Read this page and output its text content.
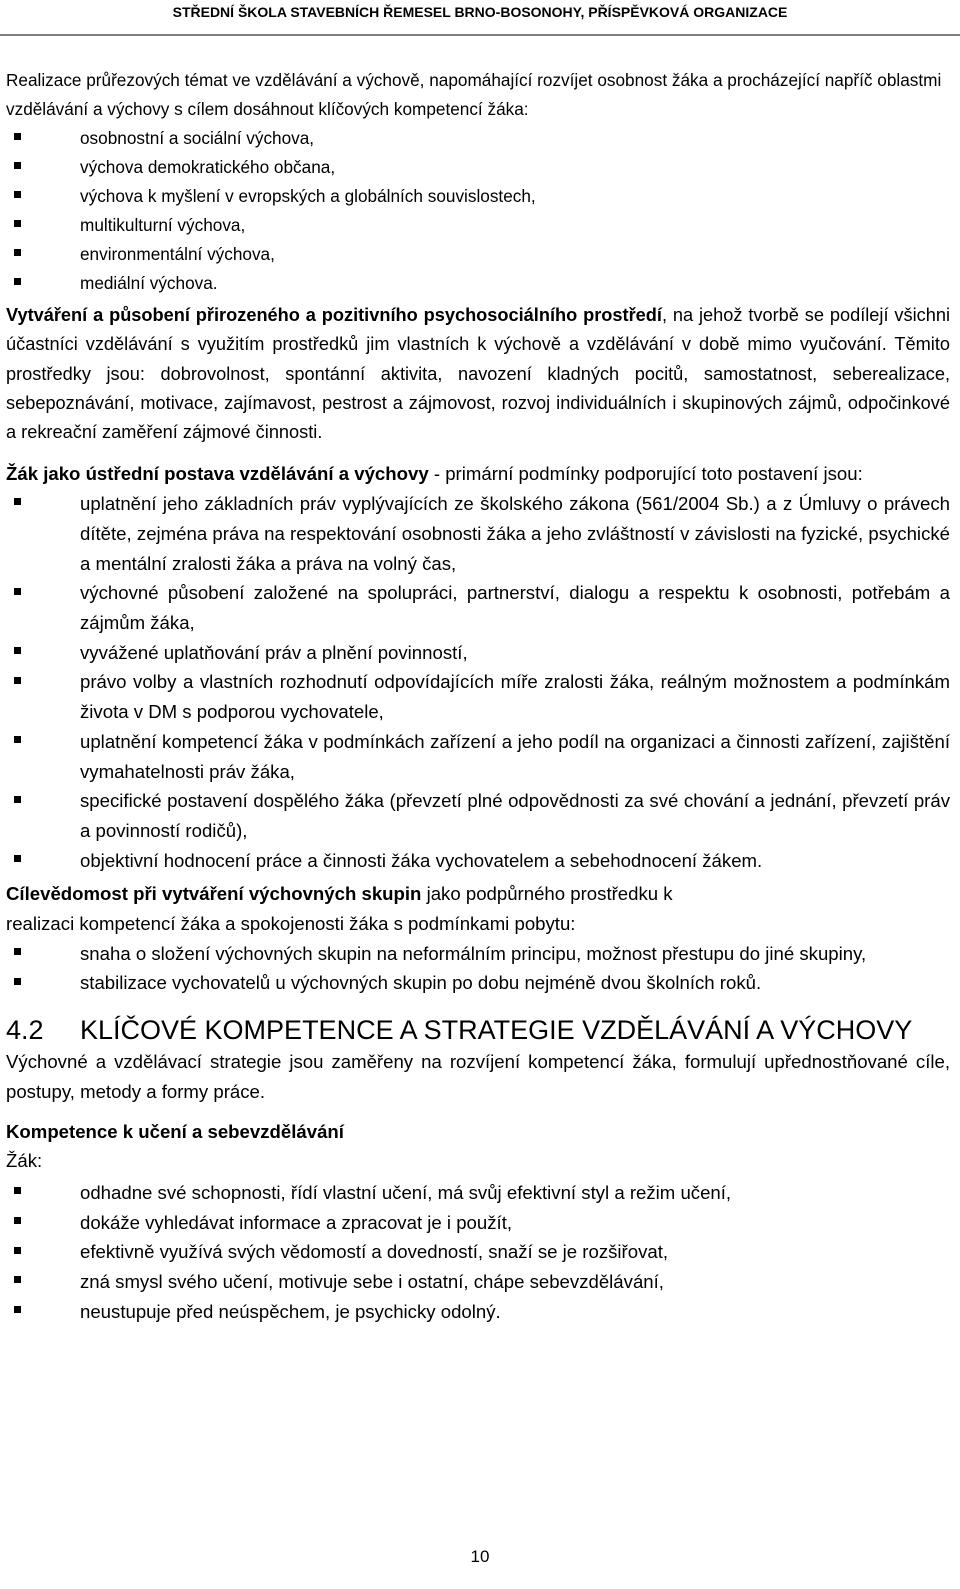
STŘEDNÍ ŠKOLA STAVEBNÍCH ŘEMESEL BRNO-BOSONOHY, PŘÍSPĚVKOVÁ ORGANIZACE

Realizace průřezových témat ve vzdělávání a výchově, napomáhající rozvíjet osobnost žáka a procházející napříč oblastmi vzdělávání a výchovy s cílem dosáhnout klíčových kompetencí žáka:

osobnostní a sociální výchova,
výchova demokratického občana,
výchova k myšlení v evropských a globálních souvislostech,
multikulturní výchova,
environmentální výchova,
mediální výchova.

Vytváření a působení přirozeného a pozitivního psychosociálního prostředí, na jehož tvorbě se podílejí všichni účastníci vzdělávání s využitím prostředků jim vlastních k výchově a vzdělávání v době mimo vyučování. Těmito prostředky jsou: dobrovolnost, spontánní aktivita, navození kladných pocitů, samostatnost, seberealizace, sebepoznávání, motivace, zajímavost, pestrost a zájmovost, rozvoj individuálních i skupinových zájmů, odpočinkové a rekreační zaměření zájmové činnosti.

Žák jako ústřední postava vzdělávání a výchovy - primární podmínky podporující toto postavení jsou:

uplatnění jeho základních práv vyplývajících ze školského zákona (561/2004 Sb.) a z Úmluvy o právech dítěte, zejména práva na respektování osobnosti žáka a jeho zvláštností v závislosti na fyzické, psychické a mentální zralosti žáka a práva na volný čas,
výchovné působení založené na spolupráci, partnerství, dialogu a respektu k osobnosti, potřebám a zájmům žáka,
vyvážené uplatňování práv a plnění povinností,
právo volby a vlastních rozhodnutí odpovídajících míře zralosti žáka, reálným možnostem a podmínkám života v DM s podporou vychovatele,
uplatnění kompetencí žáka v podmínkách zařízení a jeho podíl na organizaci a činnosti zařízení, zajištění vymahatelnosti práv žáka,
specifické postavení dospělého žáka (převzetí plné odpovědnosti za své chování a jednání, převzetí práv a povinností rodičů),
objektivní hodnocení práce a činnosti žáka vychovatelem a sebehodnocení žákem.

Cílevědomost při vytváření výchovných skupin jako podpůrného prostředku k
realizaci kompetencí žáka a spokojenosti žáka s podmínkami pobytu:

snaha o složení výchovných skupin na neformálním principu, možnost přestupu do jiné skupiny,
stabilizace vychovatelů u výchovných skupin po dobu nejméně dvou školních roků.
4.2	KLÍČOVÉ KOMPETENCE A STRATEGIE VZDĚLÁVÁNÍ A VÝCHOVY

Výchovné a vzdělávací strategie jsou zaměřeny na rozvíjení kompetencí žáka, formulují upřednostňované cíle, postupy, metody a formy práce.

Kompetence k učení a sebevzdělávání

Žák:

odhadne své schopnosti, řídí vlastní učení, má svůj efektivní styl a režim učení,
dokáže vyhledávat informace a zpracovat je i použít,
efektivně využívá svých vědomostí a dovedností, snaží se je rozšiřovat,
zná smysl svého učení, motivuje sebe i ostatní, chápe sebevzdělávání,
neustupuje před neúspěchem, je psychicky odolný.
10
